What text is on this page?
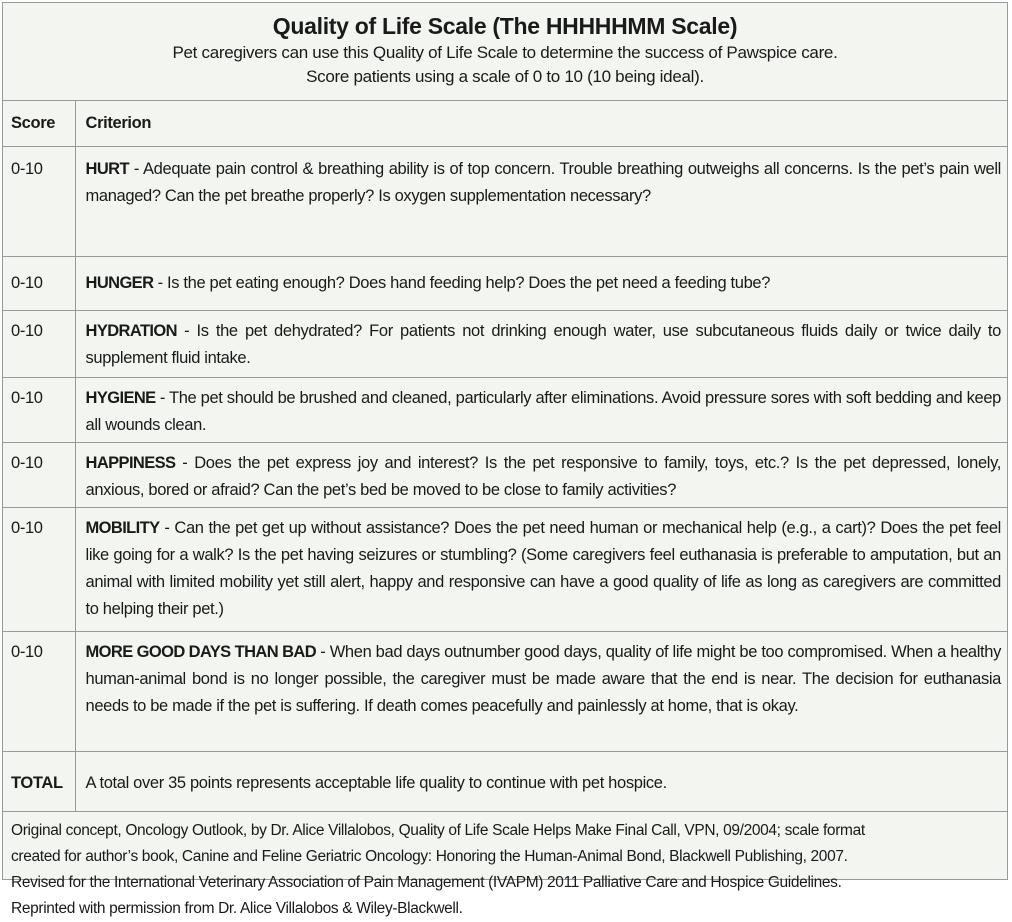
Quality of Life Scale (The HHHHHMM Scale)
Pet caregivers can use this Quality of Life Scale to determine the success of Pawspice care.
Score patients using a scale of 0 to 10 (10 being ideal).
Score	Criterion
0-10	HURT - Adequate pain control & breathing ability is of top concern. Trouble breathing outweighs all concerns. Is the pet’s pain well managed? Can the pet breathe properly? Is oxygen supplementation necessary?
0-10	HUNGER - Is the pet eating enough? Does hand feeding help? Does the pet need a feeding tube?
0-10	HYDRATION - Is the pet dehydrated? For patients not drinking enough water, use subcutaneous fluids daily or twice daily to supplement fluid intake.
0-10	HYGIENE - The pet should be brushed and cleaned, particularly after eliminations. Avoid pressure sores with soft bedding and keep all wounds clean.
0-10	HAPPINESS - Does the pet express joy and interest? Is the pet responsive to family, toys, etc.? Is the pet depressed, lonely, anxious, bored or afraid? Can the pet’s bed be moved to be close to family activities?
0-10	MOBILITY - Can the pet get up without assistance? Does the pet need human or mechanical help (e.g., a cart)? Does the pet feel like going for a walk? Is the pet having seizures or stumbling? (Some caregivers feel euthanasia is preferable to amputation, but an animal with limited mobility yet still alert, happy and responsive can have a good quality of life as long as caregivers are committed to helping their pet.)
0-10	MORE GOOD DAYS THAN BAD - When bad days outnumber good days, quality of life might be too compromised. When a healthy human-animal bond is no longer possible, the caregiver must be made aware that the end is near. The decision for euthanasia needs to be made if the pet is suffering. If death comes peacefully and painlessly at home, that is okay.
TOTAL	A total over 35 points represents acceptable life quality to continue with pet hospice.
Original concept, Oncology Outlook, by Dr. Alice Villalobos, Quality of Life Scale Helps Make Final Call, VPN, 09/2004; scale format
created for author’s book, Canine and Feline Geriatric Oncology: Honoring the Human-Animal Bond, Blackwell Publishing, 2007.
Revised for the International Veterinary Association of Pain Management (IVAPM) 2011 Palliative Care and Hospice Guidelines.
Reprinted with permission from Dr. Alice Villalobos & Wiley-Blackwell.
